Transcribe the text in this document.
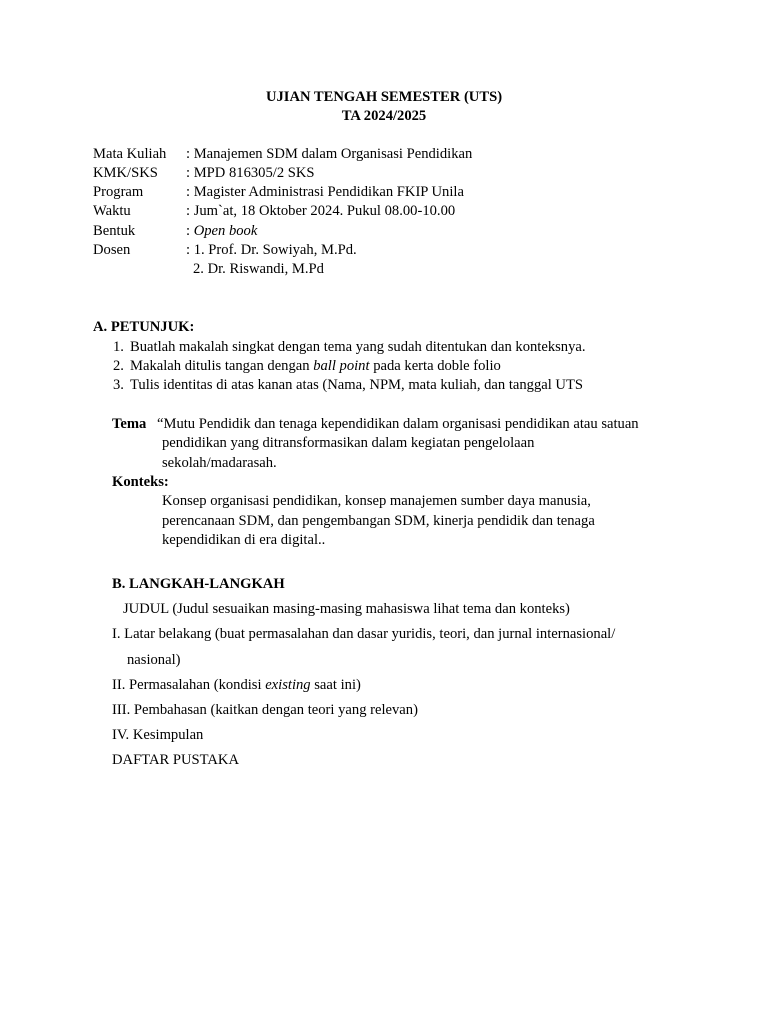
UJIAN TENGAH SEMESTER (UTS)
TA 2024/2025
Mata Kuliah : Manajemen SDM dalam Organisasi Pendidikan
KMK/SKS : MPD 816305/2 SKS
Program	: Magister Administrasi Pendidikan FKIP Unila
Waktu	: Jum`at, 18 Oktober 2024. Pukul 08.00-10.00
Bentuk	: Open book
Dosen	: 1. Prof. Dr. Sowiyah, M.Pd.
2. Dr. Riswandi, M.Pd
A. PETUNJUK:
1. Buatlah makalah singkat dengan tema yang sudah ditentukan dan konteksnya.
2. Makalah ditulis tangan dengan ball point pada kerta doble folio
3. Tulis identitas di atas kanan atas (Nama, NPM, mata kuliah, dan tanggal UTS
Tema “Mutu Pendidik dan tenaga kependidikan dalam organisasi pendidikan atau satuan
pendidikan yang ditransformasikan dalam kegiatan pengelolaan
sekolah/madarasah.
Konteks:
Konsep organisasi pendidikan, konsep manajemen sumber daya manusia,
perencanaan SDM, dan pengembangan SDM, kinerja pendidik dan tenaga
kependidikan di era digital..
B. LANGKAH-LANGKAH
JUDUL (Judul sesuaikan masing-masing mahasiswa lihat tema dan konteks)
I. Latar belakang (buat permasalahan dan dasar yuridis, teori, dan jurnal internasional/
nasional)
II. Permasalahan (kondisi existing saat ini)
III. Pembahasan (kaitkan dengan teori yang relevan)
IV. Kesimpulan
DAFTAR PUSTAKA
